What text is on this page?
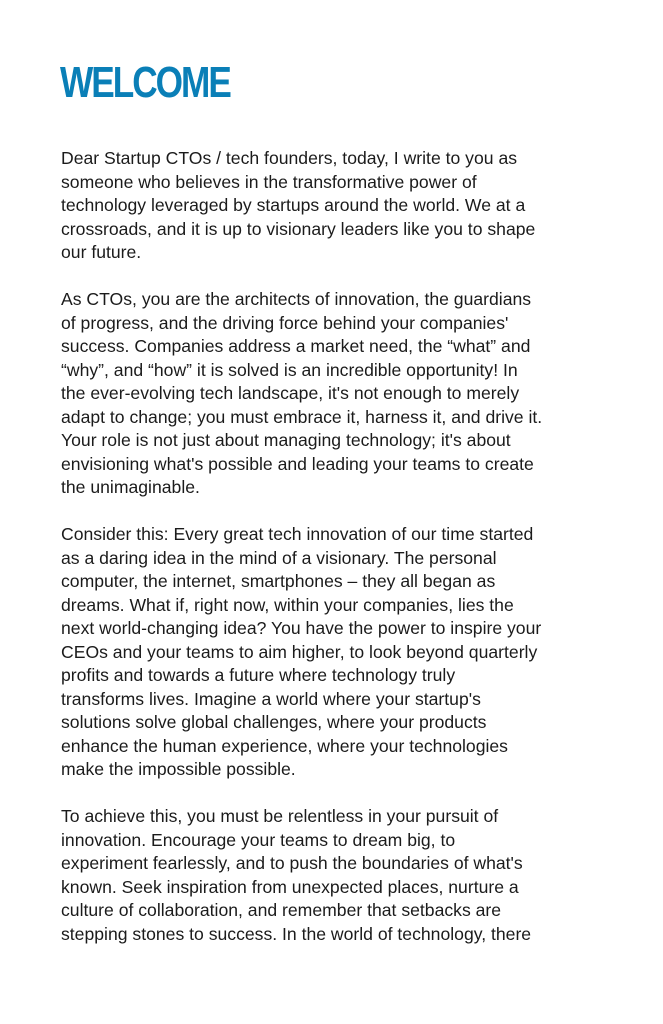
WELCOME

Dear Startup CTOs / tech founders, today, I write to you as
someone who believes in the transformative power of
technology leveraged by startups around the world. We at a
crossroads, and it is up to visionary leaders like you to shape
our future.

As CTOs, you are the architects of innovation, the guardians
of progress, and the driving force behind your companies'
success. Companies address a market need, the “what” and
“why”, and “how” it is solved is an incredible opportunity! In
the ever-evolving tech landscape, it's not enough to merely
adapt to change; you must embrace it, harness it, and drive it.
Your role is not just about managing technology; it's about
envisioning what's possible and leading your teams to create
the unimaginable.

Consider this: Every great tech innovation of our time started
as a daring idea in the mind of a visionary. The personal
computer, the internet, smartphones – they all began as
dreams. What if, right now, within your companies, lies the
next world-changing idea? You have the power to inspire your
CEOs and your teams to aim higher, to look beyond quarterly
profits and towards a future where technology truly
transforms lives. Imagine a world where your startup's
solutions solve global challenges, where your products
enhance the human experience, where your technologies
make the impossible possible.

To achieve this, you must be relentless in your pursuit of
innovation. Encourage your teams to dream big, to
experiment fearlessly, and to push the boundaries of what's
known. Seek inspiration from unexpected places, nurture a
culture of collaboration, and remember that setbacks are
stepping stones to success. In the world of technology, there
